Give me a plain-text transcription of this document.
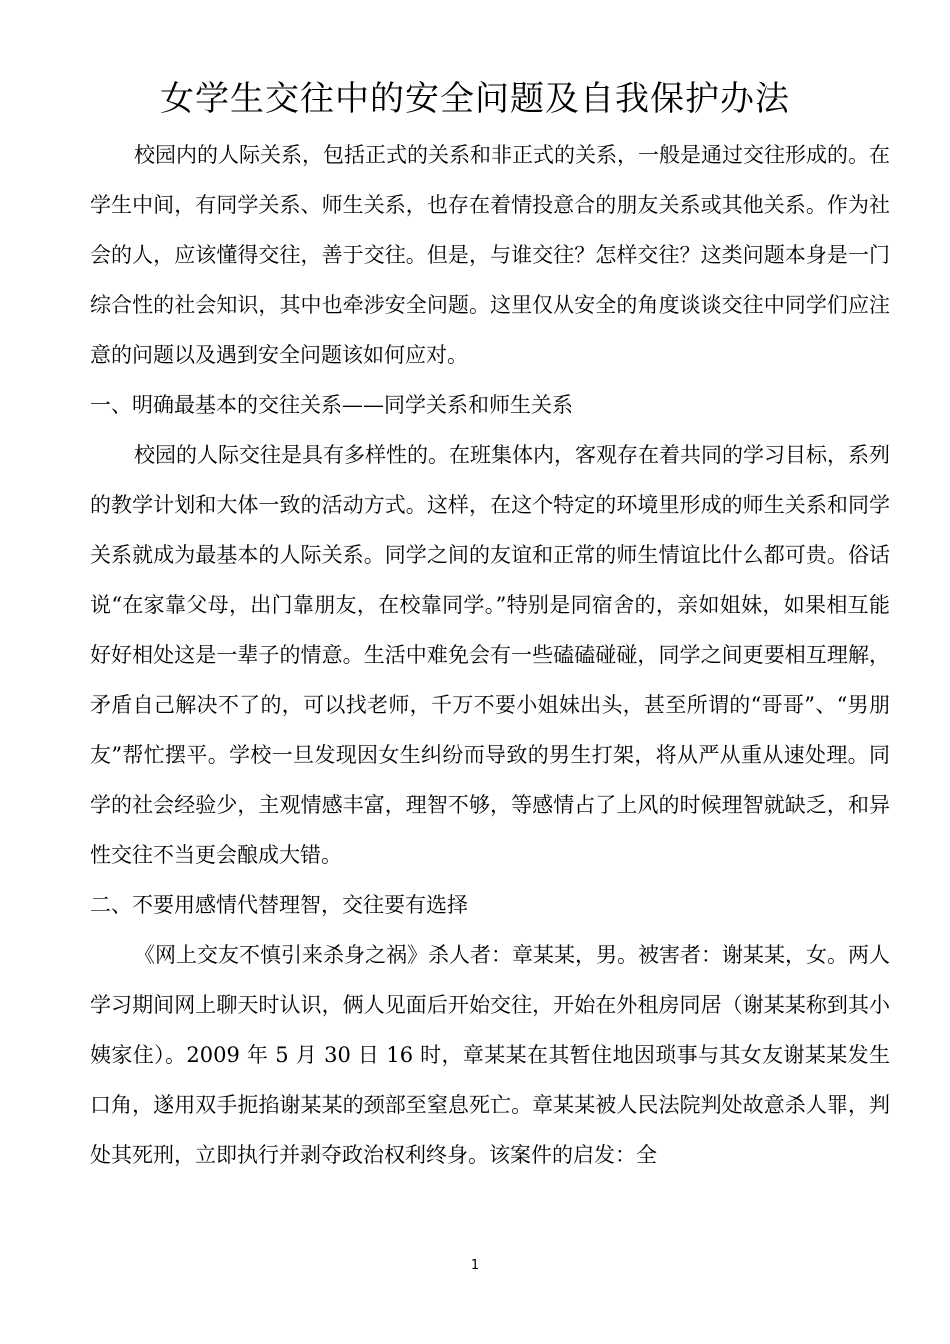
女学生交往中的安全问题及自我保护办法

校园内的人际关系，包括正式的关系和非正式的关系，一般是通过交往形成的。在学生中间，有同学关系、师生关系，也存在着情投意合的朋友关系或其他关系。作为社会的人，应该懂得交往，善于交往。但是，与谁交往？怎样交往？这类问题本身是一门综合性的社会知识，其中也牵涉安全问题。这里仅从安全的角度谈谈交往中同学们应注意的问题以及遇到安全问题该如何应对。

一、明确最基本的交往关系——同学关系和师生关系

校园的人际交往是具有多样性的。在班集体内，客观存在着共同的学习目标，系列的教学计划和大体一致的活动方式。这样，在这个特定的环境里形成的师生关系和同学关系就成为最基本的人际关系。同学之间的友谊和正常的师生情谊比什么都可贵。俗话说“在家靠父母，出门靠朋友，在校靠同学。”特别是同宿舍的，亲如姐妹，如果相互能好好相处这是一辈子的情意。生活中难免会有一些磕磕碰碰，同学之间更要相互理解，矛盾自己解决不了的，可以找老师，千万不要小姐妹出头，甚至所谓的“哥哥”、“男朋友”帮忙摆平。学校一旦发现因女生纠纷而导致的男生打架，将从严从重从速处理。同学的社会经验少，主观情感丰富，理智不够，等感情占了上风的时候理智就缺乏，和异性交往不当更会酿成大错。

二、不要用感情代替理智，交往要有选择

《网上交友不慎引来杀身之祸》杀人者：章某某，男。被害者：谢某某，女。两人学习期间网上聊天时认识，俩人见面后开始交往，开始在外租房同居（谢某某称到其小姨家住）。2009 年 5 月 30 日 16 时，章某某在其暂住地因琐事与其女友谢某某发生口角，遂用双手扼掐谢某某的颈部至窒息死亡。章某某被人民法院判处故意杀人罪，判处其死刑，立即执行并剥夺政治权利终身。该案件的启发：全

1
